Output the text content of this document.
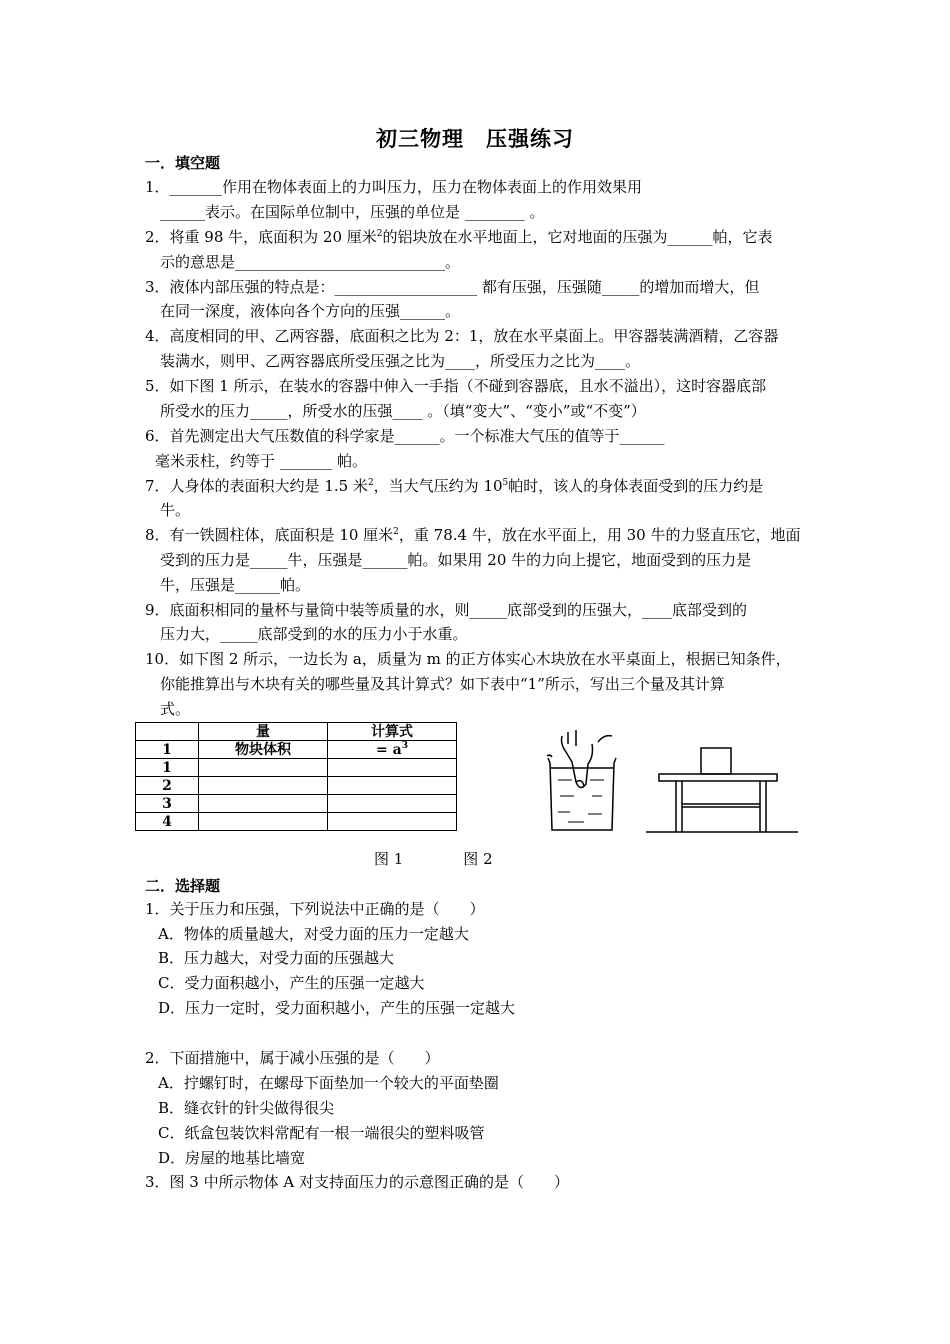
初三物理　压强练习
一．填空题
1．_______作用在物体表面上的力叫压力，压力在物体表面上的作用效果用
______表示。在国际单位制中，压强的单位是 ________ 。
2．将重 98 牛，底面积为 20 厘米$^2$的铝块放在水平地面上，它对地面的压强为______帕，它表
示的意思是____________________________。
3．液体内部压强的特点是：___________________ 都有压强，压强随_____的增加而增大，但
在同一深度，液体向各个方向的压强______。
4．高度相同的甲、乙两容器，底面积之比为 2：1，放在水平桌面上。甲容器装满酒精，乙容器
装满水，则甲、乙两容器底所受压强之比为____，所受压力之比为____。
5．如下图 1 所示，在装水的容器中伸入一手指（不碰到容器底，且水不溢出），这时容器底部
所受水的压力_____，所受水的压强____ 。（填“变大”、“变小”或“不变”）
6．首先测定出大气压数值的科学家是______。一个标准大气压的值等于______
毫米汞柱，约等于 _______ 帕。
7．人身体的表面积大约是 1.5 米$^2$，当大气压约为 $10^5$帕时，该人的身体表面受到的压力约是
牛。
8．有一铁圆柱体，底面积是 10 厘米$^2$，重 78.4 牛，放在水平面上，用 30 牛的力竖直压它，地面
受到的压力是_____牛，压强是______帕。如果用 20 牛的力向上提它，地面受到的压力是
牛，压强是______帕。
9．底面积相同的量杯与量筒中装等质量的水，则_____底部受到的压强大，____底部受到的
压力大，_____底部受到的水的压力小于水重。
10．如下图 2 所示，一边长为 a，质量为 m 的正方体实心木块放在水平桌面上，根据已知条件，
你能推算出与木块有关的哪些量及其计算式？如下表中“1”所示，写出三个量及其计算
式。
	量	计算式
1	物块体积	= $a^3$
1		
2		
3		
4		
图 1　　　　图 2
二．选择题
1．关于压力和压强，下列说法中正确的是（　　）
A．物体的质量越大，对受力面的压力一定越大
B．压力越大，对受力面的压强越大
C．受力面积越小，产生的压强一定越大
D．压力一定时，受力面积越小，产生的压强一定越大
2．下面措施中，属于减小压强的是（　　）
A．拧螺钉时，在螺母下面垫加一个较大的平面垫圈
B．缝衣针的针尖做得很尖
C．纸盒包装饮料常配有一根一端很尖的塑料吸管
D．房屋的地基比墙宽
3．图 3 中所示物体 A 对支持面压力的示意图正确的是（　　）
